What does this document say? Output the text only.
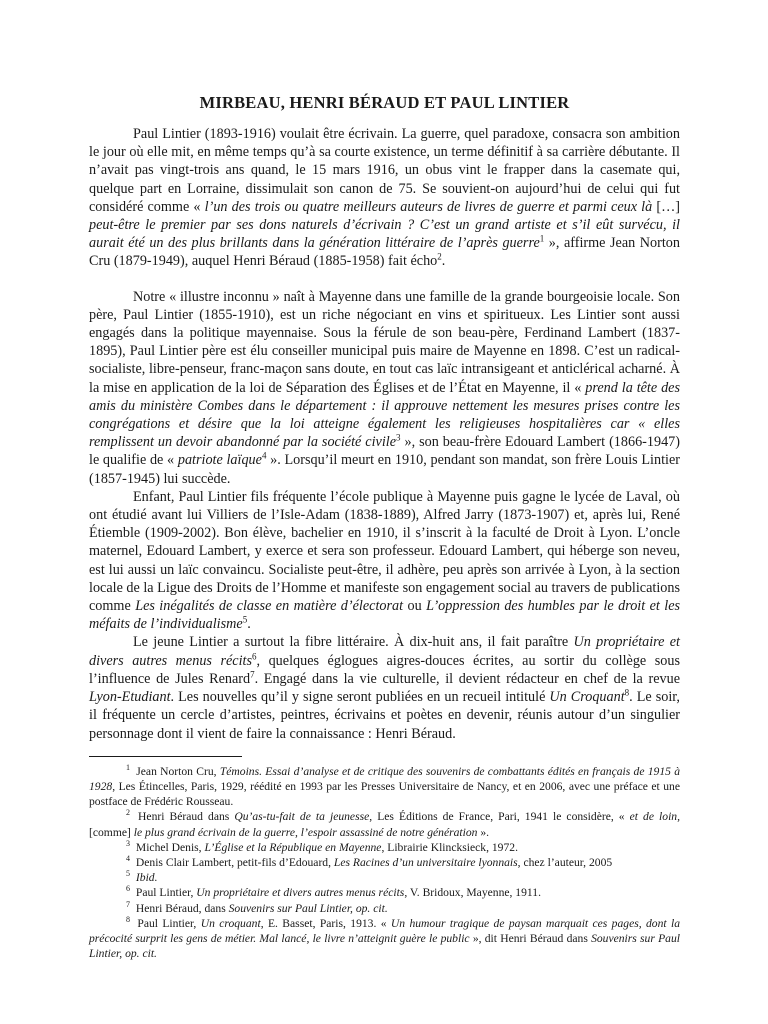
MIRBEAU, HENRI BÉRAUD ET PAUL LINTIER

Paul Lintier (1893-1916) voulait être écrivain. La guerre, quel paradoxe, consacra son ambition le jour où elle mit, en même temps qu’à sa courte existence, un terme définitif à sa carrière débutante. Il n’avait pas vingt-trois ans quand, le 15 mars 1916, un obus vint le frapper dans la casemate qui, quelque part en Lorraine, dissimulait son canon de 75. Se souvient-on aujourd’hui de celui qui fut considéré comme « l’un des trois ou quatre meilleurs auteurs de livres de guerre et parmi ceux là […] peut-être le premier par ses dons naturels d’écrivain ? C’est un grand artiste et s’il eût survécu, il aurait été un des plus brillants dans la génération littéraire de l’après guerre$^1$ », affirme Jean Norton Cru (1879-1949), auquel Henri Béraud (1885-1958) fait écho$^2$.

Notre « illustre inconnu » naît à Mayenne dans une famille de la grande bourgeoisie locale. Son père, Paul Lintier (1855-1910), est un riche négociant en vins et spiritueux. Les Lintier sont aussi engagés dans la politique mayennaise. Sous la férule de son beau-père, Ferdinand Lambert (1837-1895), Paul Lintier père est élu conseiller municipal puis maire de Mayenne en 1898. C’est un radical-socialiste, libre-penseur, franc-maçon sans doute, en tout cas laïc intransigeant et anticlérical acharné. À la mise en application de la loi de Séparation des Églises et de l’État en Mayenne, il « prend la tête des amis du ministère Combes dans le département : il approuve nettement les mesures prises contre les congrégations et désire que la loi atteigne également les religieuses hospitalières car « elles remplissent un devoir abandonné par la société civile$^3$ », son beau-frère Edouard Lambert (1866-1947) le qualifie de « patriote laïque$^4$ ». Lorsqu’il meurt en 1910, pendant son mandat, son frère Louis Lintier (1857-1945) lui succède.

Enfant, Paul Lintier fils fréquente l’école publique à Mayenne puis gagne le lycée de Laval, où ont étudié avant lui Villiers de l’Isle-Adam (1838-1889), Alfred Jarry (1873-1907) et, après lui, René Étiemble (1909-2002). Bon élève, bachelier en 1910, il s’inscrit à la faculté de Droit à Lyon. L’oncle maternel, Edouard Lambert, y exerce et sera son professeur. Edouard Lambert, qui héberge son neveu, est lui aussi un laïc convaincu. Socialiste peut-être, il adhère, peu après son arrivée à Lyon, à la section locale de la Ligue des Droits de l’Homme et manifeste son engagement social au travers de publications comme Les inégalités de classe en matière d’électorat ou L’oppression des humbles par le droit et les méfaits de l’individualisme$^5$.

Le jeune Lintier a surtout la fibre littéraire. À dix-huit ans, il fait paraître Un propriétaire et divers autres menus récits$^6$, quelques églogues aigres-douces écrites, au sortir du collège sous l’influence de Jules Renard$^7$. Engagé dans la vie culturelle, il devient rédacteur en chef de la revue Lyon-Etudiant. Les nouvelles qu’il y signe seront publiées en un recueil intitulé Un Croquant$^8$. Le soir, il fréquente un cercle d’artistes, peintres, écrivains et poètes en devenir, réunis autour d’un singulier personnage dont il vient de faire la connaissance : Henri Béraud.

$^1$ Jean Norton Cru, Témoins. Essai d’analyse et de critique des souvenirs de combattants édités en français de 1915 à 1928, Les Étincelles, Paris, 1929, réédité en 1993 par les Presses Universitaire de Nancy, et en 2006, avec une préface et une postface de Frédéric Rousseau.

$^2$ Henri Béraud dans Qu’as-tu-fait de ta jeunesse, Les Éditions de France, Pari, 1941 le considère, « et de loin, [comme] le plus grand écrivain de la guerre, l’espoir assassiné de notre génération ».

$^3$ Michel Denis, L’Église et la République en Mayenne, Librairie Klincksieck, 1972.

$^4$ Denis Clair Lambert, petit-fils d’Edouard, Les Racines d’un universitaire lyonnais, chez l’auteur, 2005

$^5$ Ibid.

$^6$ Paul Lintier, Un propriétaire et divers autres menus récits, V. Bridoux, Mayenne, 1911.

$^7$ Henri Béraud, dans Souvenirs sur Paul Lintier, op. cit.

$^8$ Paul Lintier, Un croquant, E. Basset, Paris, 1913. « Un humour tragique de paysan marquait ces pages, dont la précocité surprit les gens de métier. Mal lancé, le livre n’atteignit guère le public », dit Henri Béraud dans Souvenirs sur Paul Lintier, op. cit.
